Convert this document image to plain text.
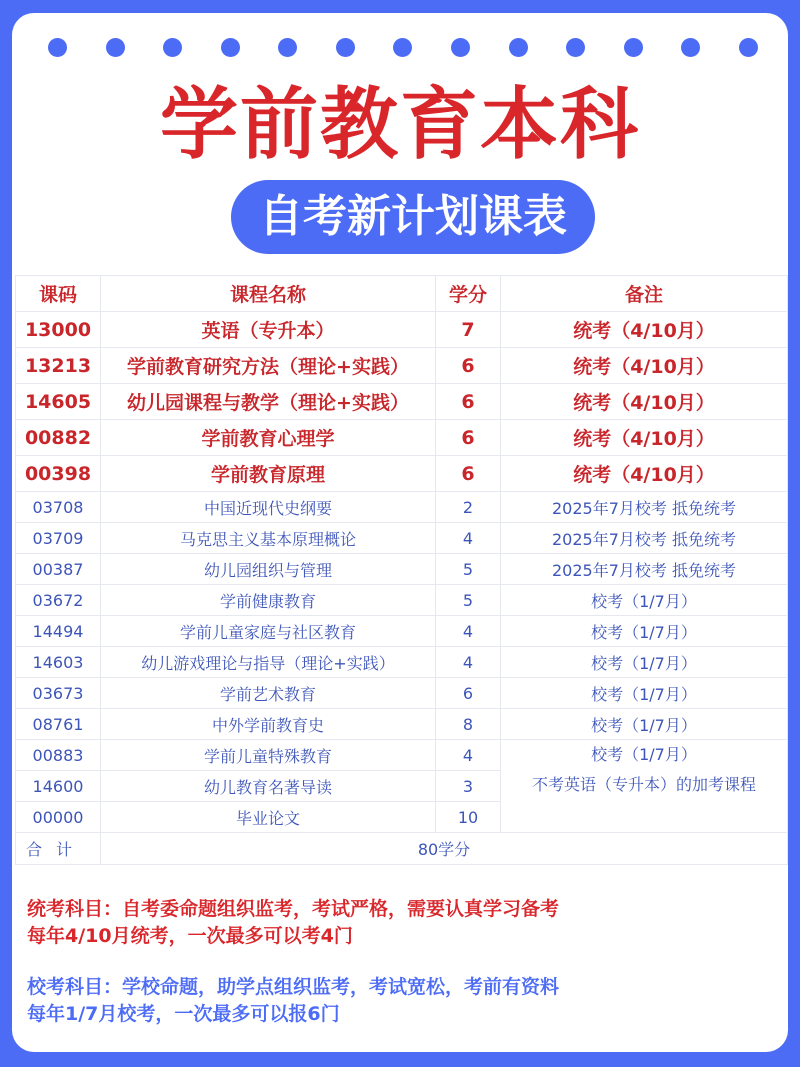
学前教育本科
自考新计划课表
课码	课程名称	学分	备注
13000	英语（专升本）	7	统考（4/10月）
13213	学前教育研究方法（理论+实践）	6	统考（4/10月）
14605	幼儿园课程与教学（理论+实践）	6	统考（4/10月）
00882	学前教育心理学	6	统考（4/10月）
00398	学前教育原理	6	统考（4/10月）
03708	中国近现代史纲要	2	2025年7月校考 抵免统考
03709	马克思主义基本原理概论	4	2025年7月校考 抵免统考
00387	幼儿园组织与管理	5	2025年7月校考 抵免统考
03672	学前健康教育	5	校考（1/7月）
14494	学前儿童家庭与社区教育	4	校考（1/7月）
14603	幼儿游戏理论与指导（理论+实践）	4	校考（1/7月）
03673	学前艺术教育	6	校考（1/7月）
08761	中外学前教育史	8	校考（1/7月）
00883	学前儿童特殊教育	4	校考（1/7月）
不考英语（专升本）的加考课程

14600	幼儿教育名著导读	3	
00000	毕业论文	10	
合计	80学分		
统考科目：自考委命题组织监考，考试严格，需要认真学习备考
每年4/10月统考，一次最多可以考4门
校考科目：学校命题，助学点组织监考，考试宽松，考前有资料
每年1/7月校考，一次最多可以报6门
